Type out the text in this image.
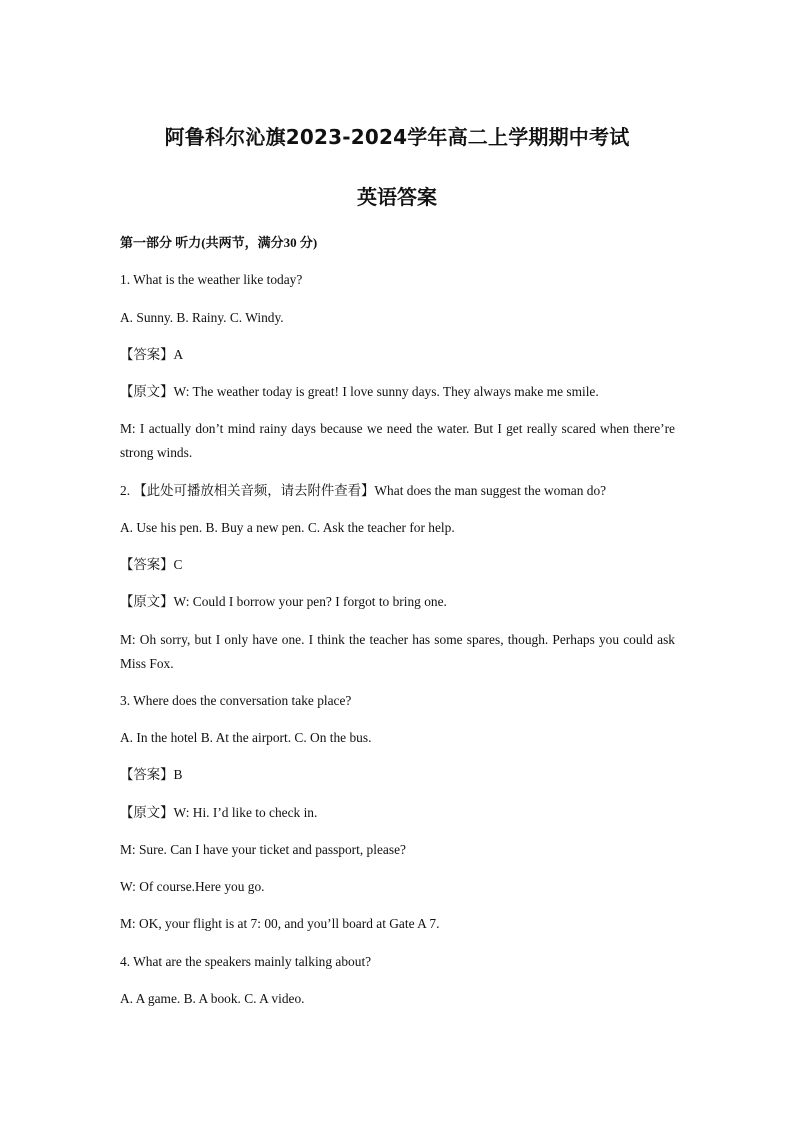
阿鲁科尔沁旗2023-2024学年高二上学期期中考试
英语答案
第一部分 听力(共两节，满分30 分)
1. What is the weather like today?
A. Sunny. B. Rainy. C. Windy.
【答案】A
【原文】W: The weather today is great! I love sunny days. They always make me smile.
M: I actually don’t mind rainy days because we need the water. But I get really scared when there’re strong winds.
2. 【此处可播放相关音频，请去附件查看】What does the man suggest the woman do?
A. Use his pen. B. Buy a new pen. C. Ask the teacher for help.
【答案】C
【原文】W: Could I borrow your pen? I forgot to bring one.
M: Oh sorry, but I only have one. I think the teacher has some spares, though. Perhaps you could ask Miss Fox.
3. Where does the conversation take place?
A. In the hotel B. At the airport. C. On the bus.
【答案】B
【原文】W: Hi. I’d like to check in.
M: Sure. Can I have your ticket and passport, please?
W: Of course.Here you go.
M: OK, your flight is at 7: 00, and you’ll board at Gate A 7.
4. What are the speakers mainly talking about?
A. A game. B. A book. C. A video.
